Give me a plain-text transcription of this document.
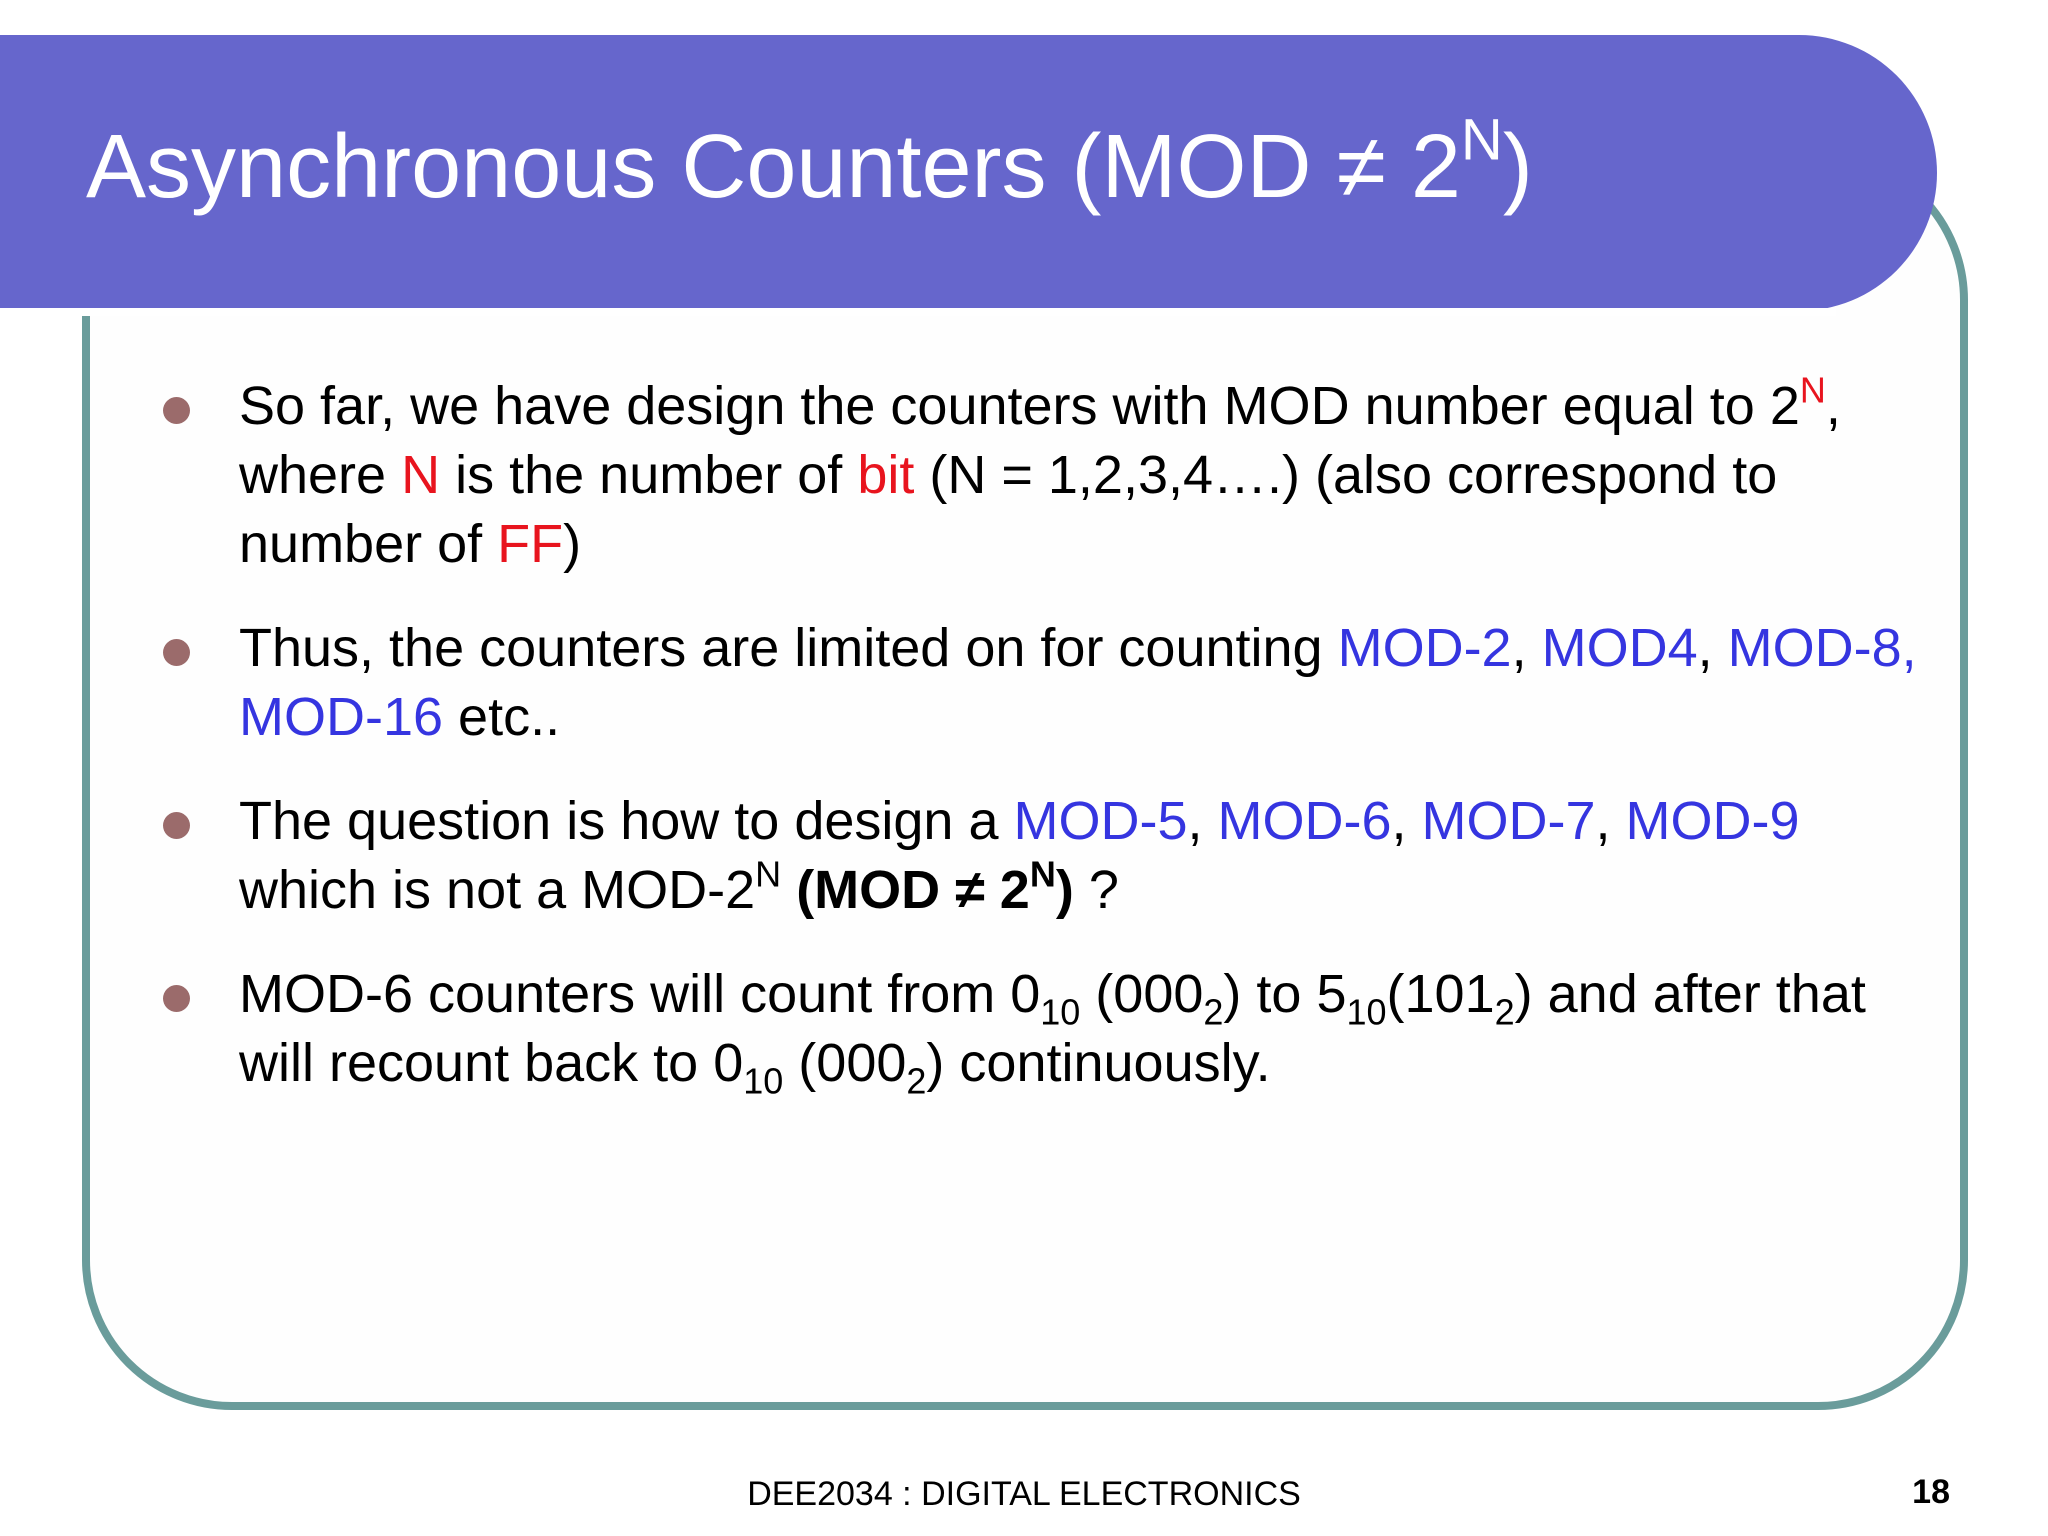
Asynchronous Counters $(MOD \ne 2^N)$
So far, we have design the counters with MOD number equal to $2^N$, where N is the number of bit (N = 1,2,3,4….) (also correspond to number of FF)
Thus, the counters are limited on for counting MOD-2, MOD4, MOD-8, MOD-16 etc..
The question is how to design a MOD-5, MOD-6, MOD-7, MOD-9 which is not a MOD-$2^N$ $(MOD \ne 2^N)$ ?
MOD-6 counters will count from $0_{10}$ $(000_2)$ to $5_{10}(101_2)$ and after that will recount back to $0_{10}$ $(000_2)$ continuously.
DEE2034 : DIGITAL ELECTRONICS	18
